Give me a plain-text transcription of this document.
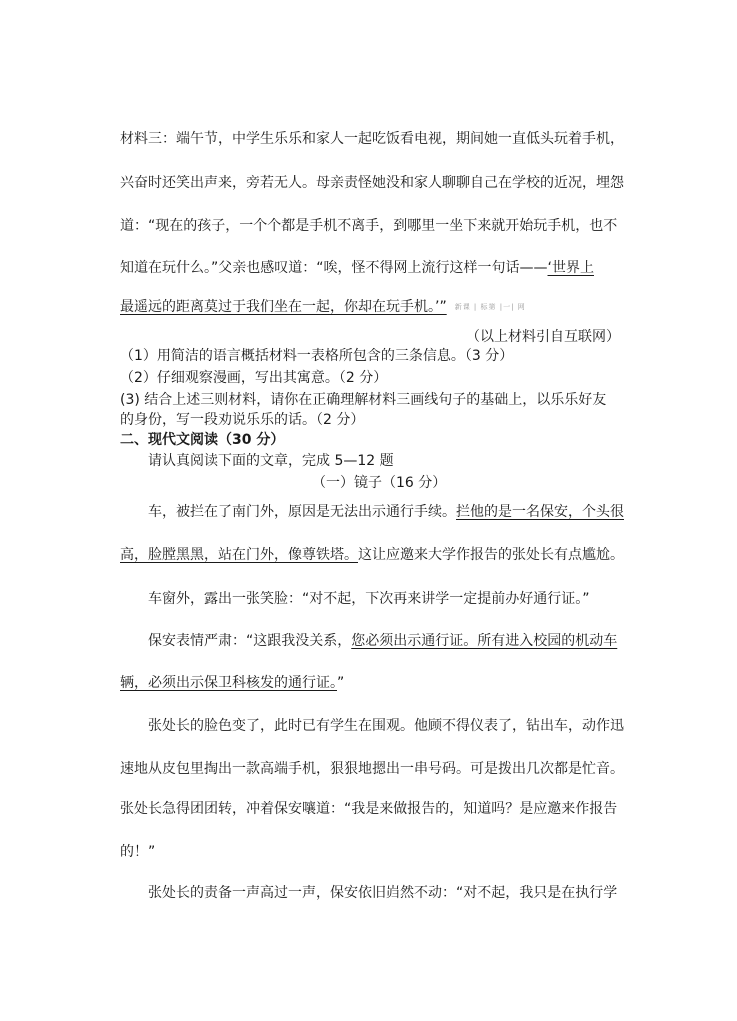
材料三：端午节，中学生乐乐和家人一起吃饭看电视，期间她一直低头玩着手机，
兴奋时还笑出声来，旁若无人。母亲责怪她没和家人聊聊自己在学校的近况，埋怨
道：“现在的孩子，一个个都是手机不离手，到哪里一坐下来就开始玩手机，也不
知道在玩什么。”父亲也感叹道：“唉，怪不得网上流行这样一句话——‘世界上
最遥远的距离莫过于我们坐在一起，你却在玩手机。’” 新课 | 标第 |一| 网
（以上材料引自互联网）
（1）用简洁的语言概括材料一表格所包含的三条信息。（3 分）
（2）仔细观察漫画，写出其寓意。（2 分）
(3) 结合上述三则材料，请你在正确理解材料三画线句子的基础上，以乐乐好友
的身份，写一段劝说乐乐的话。（2 分）
二、现代文阅读（30 分）
请认真阅读下面的文章，完成 5—12 题
（一）镜子（16 分）
车，被拦在了南门外，原因是无法出示通行手续。拦他的是一名保安，个头很
高，脸膛黑黑，站在门外，像尊铁塔。这让应邀来大学作报告的张处长有点尴尬。
车窗外，露出一张笑脸：“对不起，下次再来讲学一定提前办好通行证。”
保安表情严肃：“这跟我没关系，您必须出示通行证。所有进入校园的机动车
辆，必须出示保卫科核发的通行证。”
张处长的脸色变了，此时已有学生在围观。他顾不得仪表了，钻出车，动作迅
速地从皮包里掏出一款高端手机，狠狠地摁出一串号码。可是拨出几次都是忙音。
张处长急得团团转，冲着保安嚷道：“我是来做报告的，知道吗？是应邀来作报告
的！”
张处长的责备一声高过一声，保安依旧岿然不动：“对不起，我只是在执行学
